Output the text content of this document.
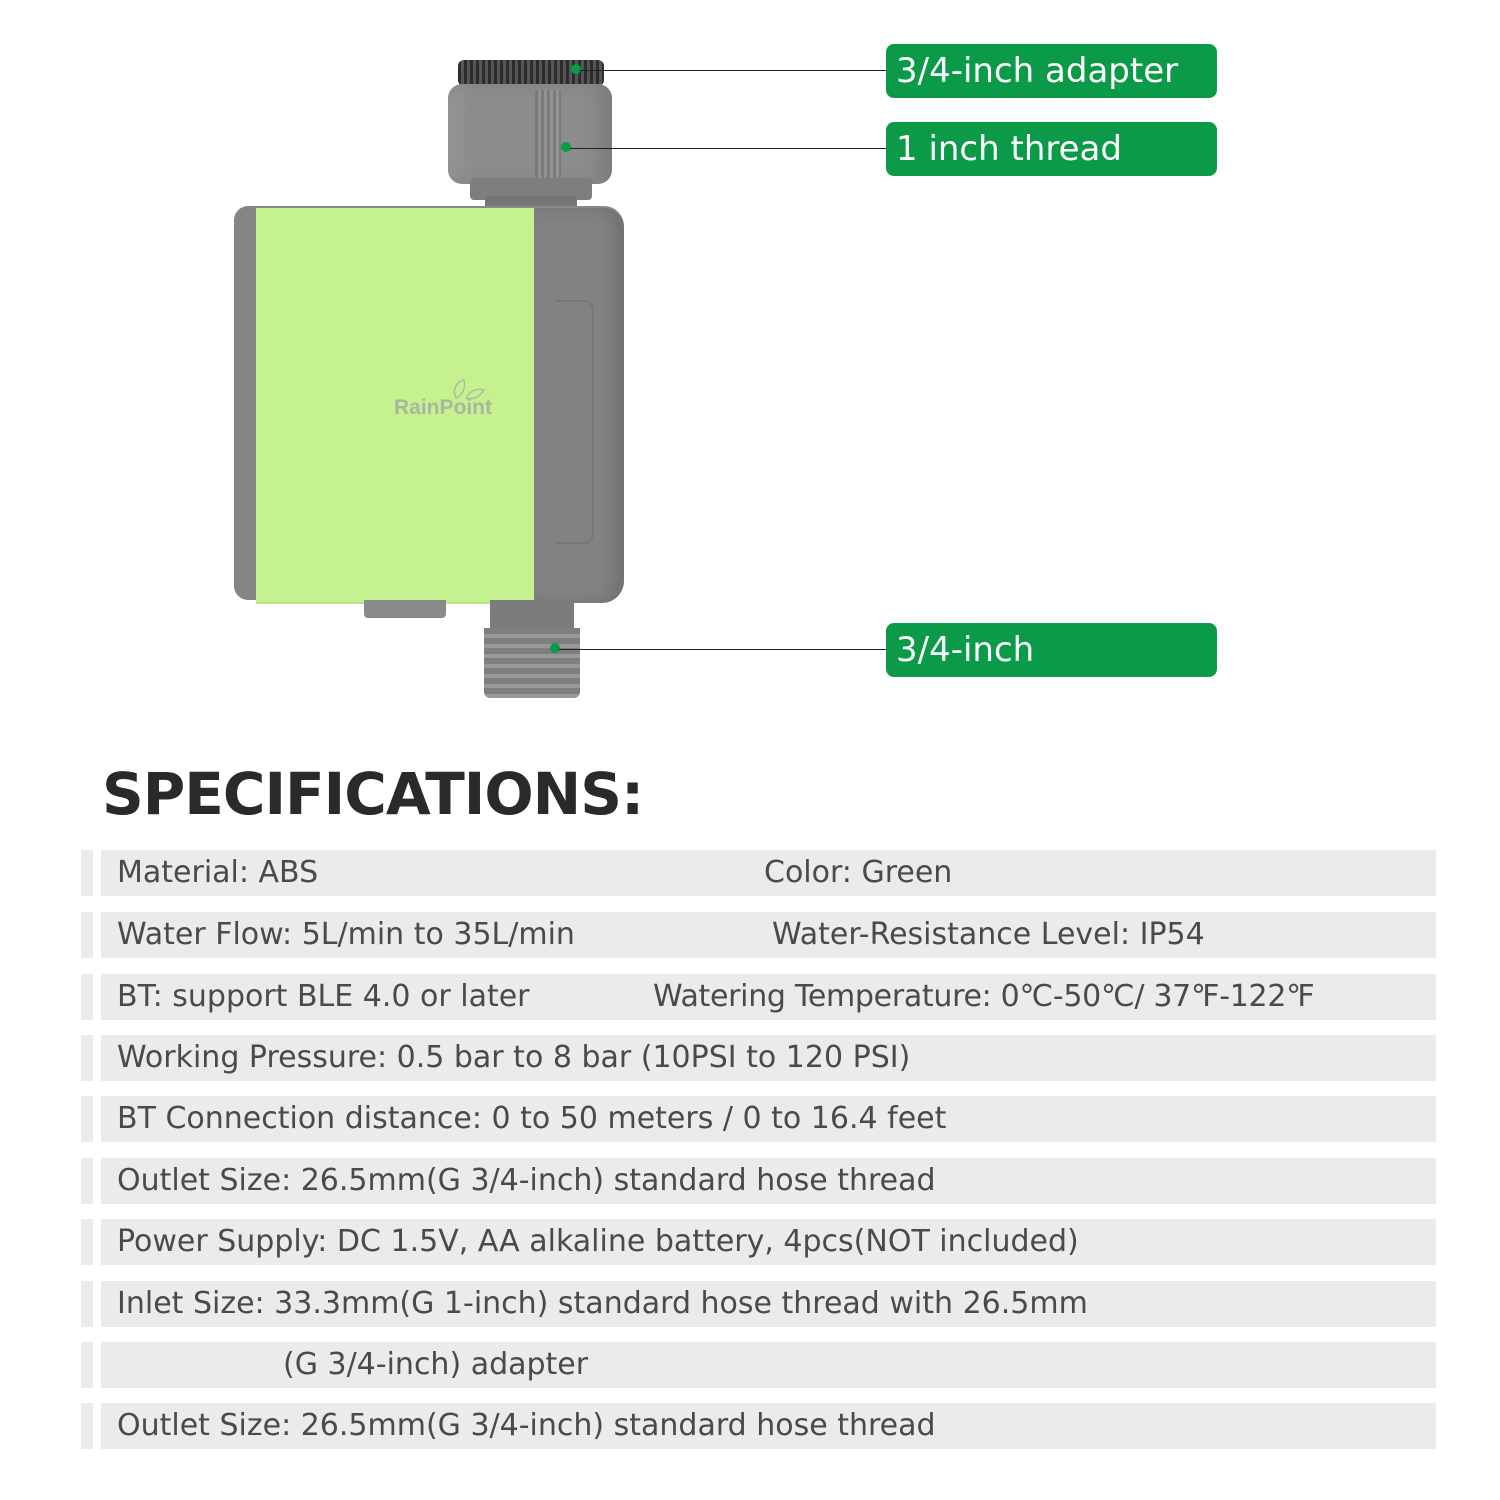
RainPoint
3/4-inch adapter
1 inch thread
3/4-inch
SPECIFICATIONS:
Material: ABS	Color: Green
Water Flow: 5L/min to 35L/min	Water-Resistance Level: IP54
BT: support BLE 4.0 or later	Watering Temperature: 0℃-50℃/ 37℉-122℉
Working Pressure: 0.5 bar to 8 bar (10PSI to 120 PSI)
BT Connection distance: 0 to 50 meters / 0 to 16.4 feet
Outlet Size: 26.5mm(G 3/4-inch) standard hose thread
Power Supply: DC 1.5V, AA alkaline battery, 4pcs(NOT included)
Inlet Size: 33.3mm(G 1-inch) standard hose thread with 26.5mm
(G 3/4-inch) adapter
Outlet Size: 26.5mm(G 3/4-inch) standard hose thread
